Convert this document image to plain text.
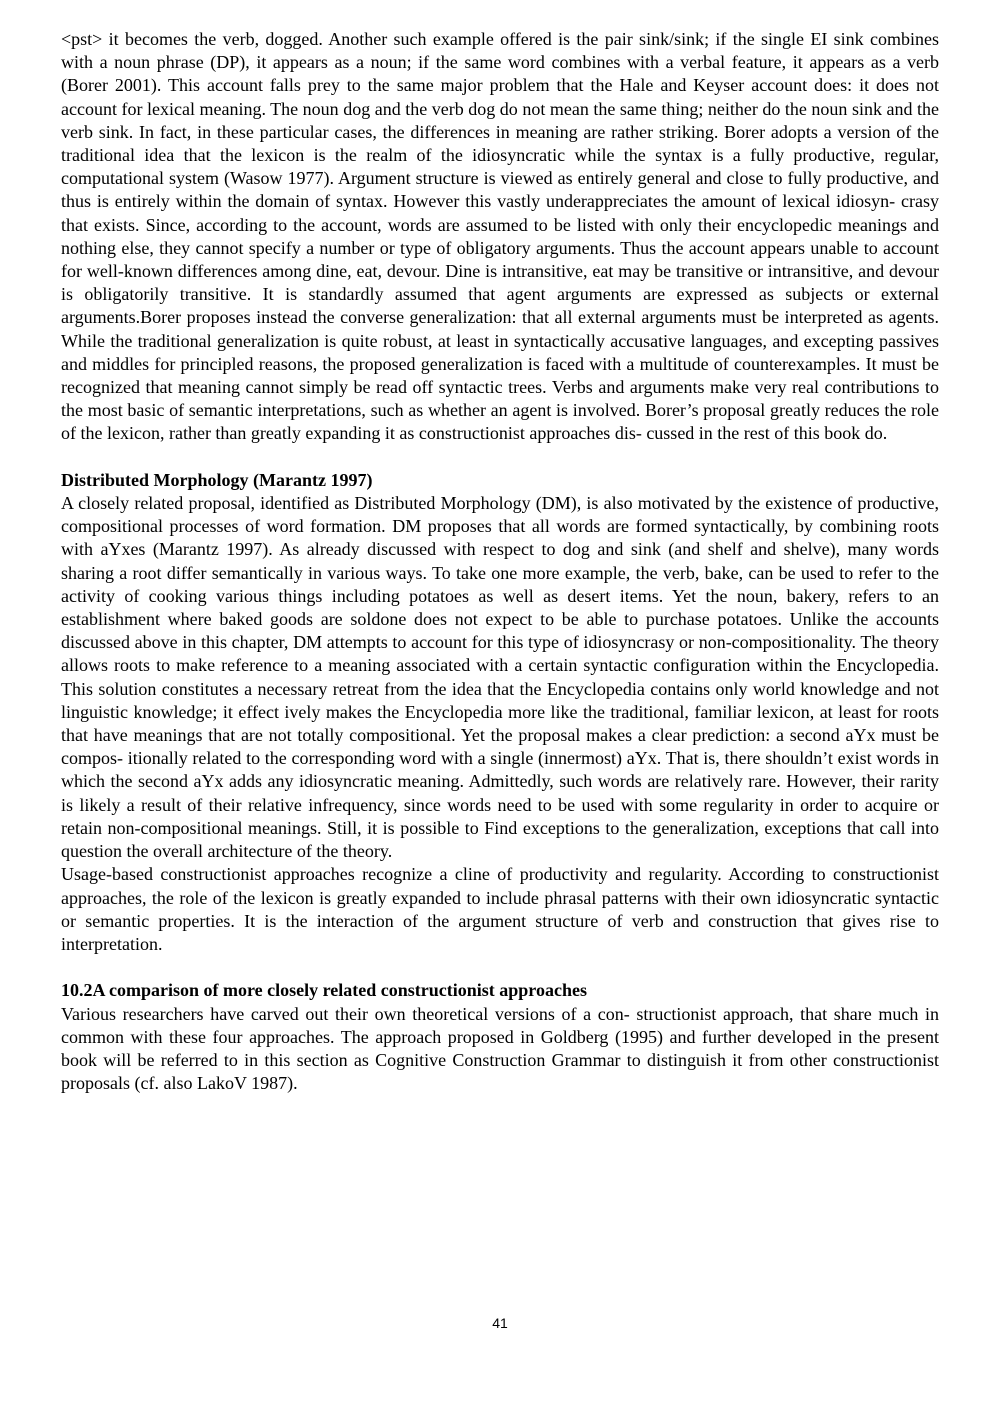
<pst> it becomes the verb, dogged. Another such example offered is the pair sink/sink; if the single EI sink combines with a noun phrase (DP), it appears as a noun; if the same word combines with a verbal feature, it appears as a verb (Borer 2001). This account falls prey to the same major problem that the Hale and Keyser account does: it does not account for lexical meaning. The noun dog and the verb dog do not mean the same thing; neither do the noun sink and the verb sink. In fact, in these particular cases, the differences in meaning are rather striking. Borer adopts a version of the traditional idea that the lexicon is the realm of the idiosyncratic while the syntax is a fully productive, regular, computational system (Wasow 1977). Argument structure is viewed as entirely general and close to fully productive, and thus is entirely within the domain of syntax. However this vastly underappreciates the amount of lexical idiosyn- crasy that exists. Since, according to the account, words are assumed to be listed with only their encyclopedic meanings and nothing else, they cannot specify a number or type of obligatory arguments. Thus the account appears unable to account for well-known differences among dine, eat, devour. Dine is intransitive, eat may be transitive or intransitive, and devour is obligatorily transitive. It is standardly assumed that agent arguments are expressed as subjects or external arguments.Borer proposes instead the converse generalization: that all external arguments must be interpreted as agents. While the traditional generalization is quite robust, at least in syntactically accusative languages, and excepting passives and middles for principled reasons, the proposed generalization is faced with a multitude of counterexamples. It must be recognized that meaning cannot simply be read off syntactic trees. Verbs and arguments make very real contributions to the most basic of semantic interpretations, such as whether an agent is involved. Borer’s proposal greatly reduces the role of the lexicon, rather than greatly expanding it as constructionist approaches dis- cussed in the rest of this book do.

Distributed Morphology (Marantz 1997)

A closely related proposal, identified as Distributed Morphology (DM), is also motivated by the existence of productive, compositional processes of word formation. DM proposes that all words are formed syntactically, by combining roots with aYxes (Marantz 1997). As already discussed with respect to dog and sink (and shelf and shelve), many words sharing a root differ semantically in various ways. To take one more example, the verb, bake, can be used to refer to the activity of cooking various things including potatoes as well as desert items. Yet the noun, bakery, refers to an establishment where baked goods are soldone does not expect to be able to purchase potatoes. Unlike the accounts discussed above in this chapter, DM attempts to account for this type of idiosyncrasy or non-compositionality. The theory allows roots to make reference to a meaning associated with a certain syntactic configuration within the Encyclopedia. This solution constitutes a necessary retreat from the idea that the Encyclopedia contains only world knowledge and not linguistic knowledge; it effect ively makes the Encyclopedia more like the traditional, familiar lexicon, at least for roots that have meanings that are not totally compositional. Yet the proposal makes a clear prediction: a second aYx must be compos- itionally related to the corresponding word with a single (innermost) aYx. That is, there shouldn’t exist words in which the second aYx adds any idiosyncratic meaning. Admittedly, such words are relatively rare. However, their rarity is likely a result of their relative infrequency, since words need to be used with some regularity in order to acquire or retain non-compositional meanings. Still, it is possible to Find exceptions to the generalization, exceptions that call into question the overall architecture of the theory.

Usage-based constructionist approaches recognize a cline of productivity and regularity. According to constructionist approaches, the role of the lexicon is greatly expanded to include phrasal patterns with their own idiosyncratic syntactic or semantic properties. It is the interaction of the argument structure of verb and construction that gives rise to interpretation.

10.2A comparison of more closely related constructionist approaches

Various researchers have carved out their own theoretical versions of a con- structionist approach, that share much in common with these four approaches. The approach proposed in Goldberg (1995) and further developed in the present book will be referred to in this section as Cognitive Construction Grammar to distinguish it from other constructionist proposals (cf. also LakoV 1987).

41
